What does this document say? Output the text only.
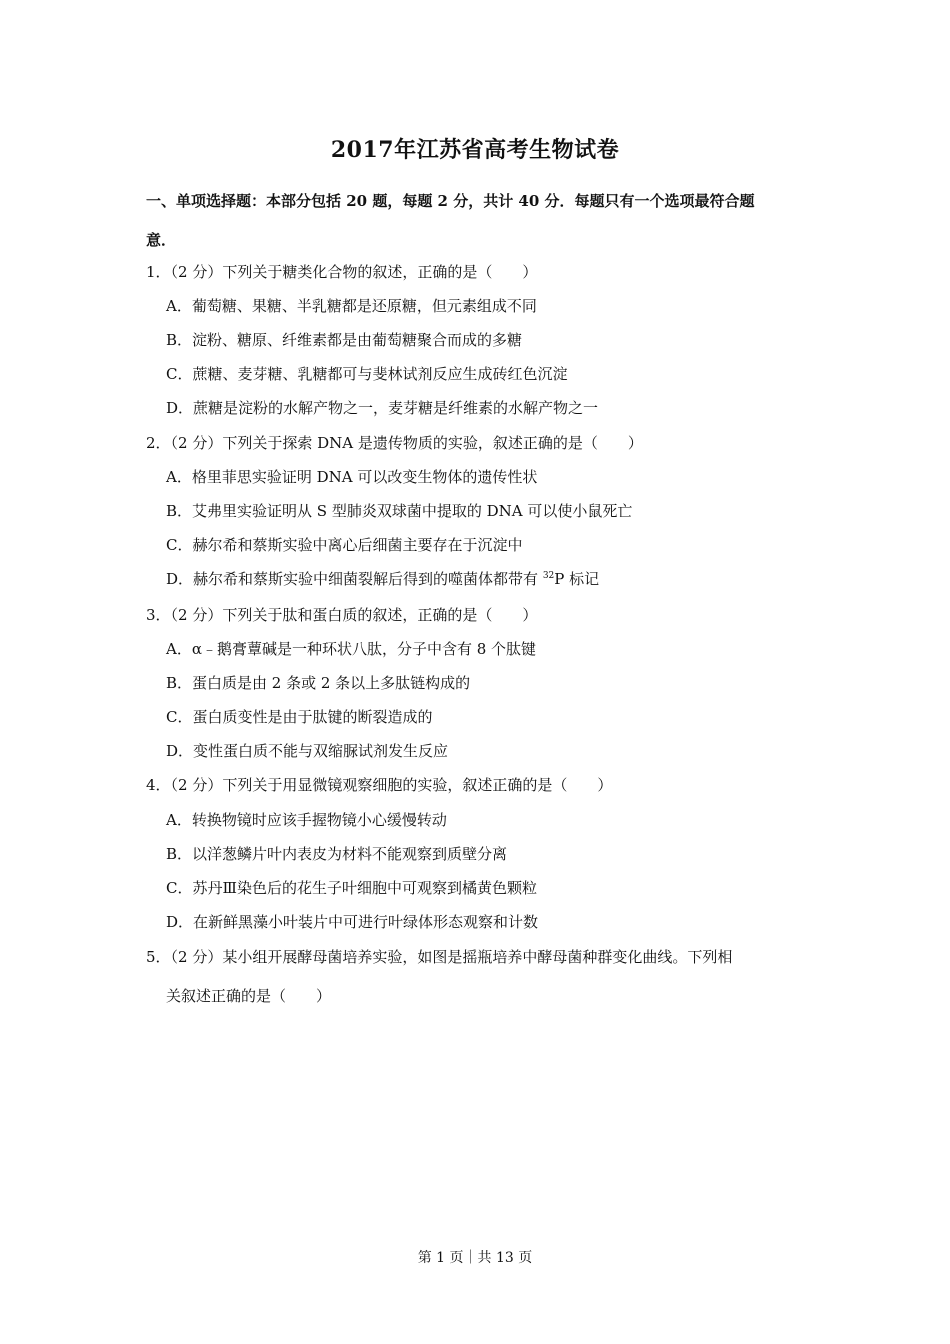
2017年江苏省高考生物试卷
一、单项选择题：本部分包括 20 题，每题 2 分，共计 40 分．每题只有一个选项最符合题
意．
1．（2 分）下列关于糖类化合物的叙述，正确的是（　　）
A．葡萄糖、果糖、半乳糖都是还原糖，但元素组成不同
B．淀粉、糖原、纤维素都是由葡萄糖聚合而成的多糖
C．蔗糖、麦芽糖、乳糖都可与斐林试剂反应生成砖红色沉淀
D．蔗糖是淀粉的水解产物之一，麦芽糖是纤维素的水解产物之一
2．（2 分）下列关于探索 DNA 是遗传物质的实验，叙述正确的是（　　）
A．格里菲思实验证明 DNA 可以改变生物体的遗传性状
B．艾弗里实验证明从 S 型肺炎双球菌中提取的 DNA 可以使小鼠死亡
C．赫尔希和蔡斯实验中离心后细菌主要存在于沉淀中
D．赫尔希和蔡斯实验中细菌裂解后得到的噬菌体都带有 $^{32}$P 标记
3．（2 分）下列关于肽和蛋白质的叙述，正确的是（　　）
A．α﹣鹅膏蕈碱是一种环状八肽，分子中含有 8 个肽键
B．蛋白质是由 2 条或 2 条以上多肽链构成的
C．蛋白质变性是由于肽键的断裂造成的
D．变性蛋白质不能与双缩脲试剂发生反应
4．（2 分）下列关于用显微镜观察细胞的实验，叙述正确的是（　　）
A．转换物镜时应该手握物镜小心缓慢转动
B．以洋葱鳞片叶内表皮为材料不能观察到质壁分离
C．苏丹Ⅲ染色后的花生子叶细胞中可观察到橘黄色颗粒
D．在新鲜黑藻小叶装片中可进行叶绿体形态观察和计数
5．（2 分）某小组开展酵母菌培养实验，如图是摇瓶培养中酵母菌种群变化曲线。下列相
关叙述正确的是（　　）
第 1 页｜共 13 页
